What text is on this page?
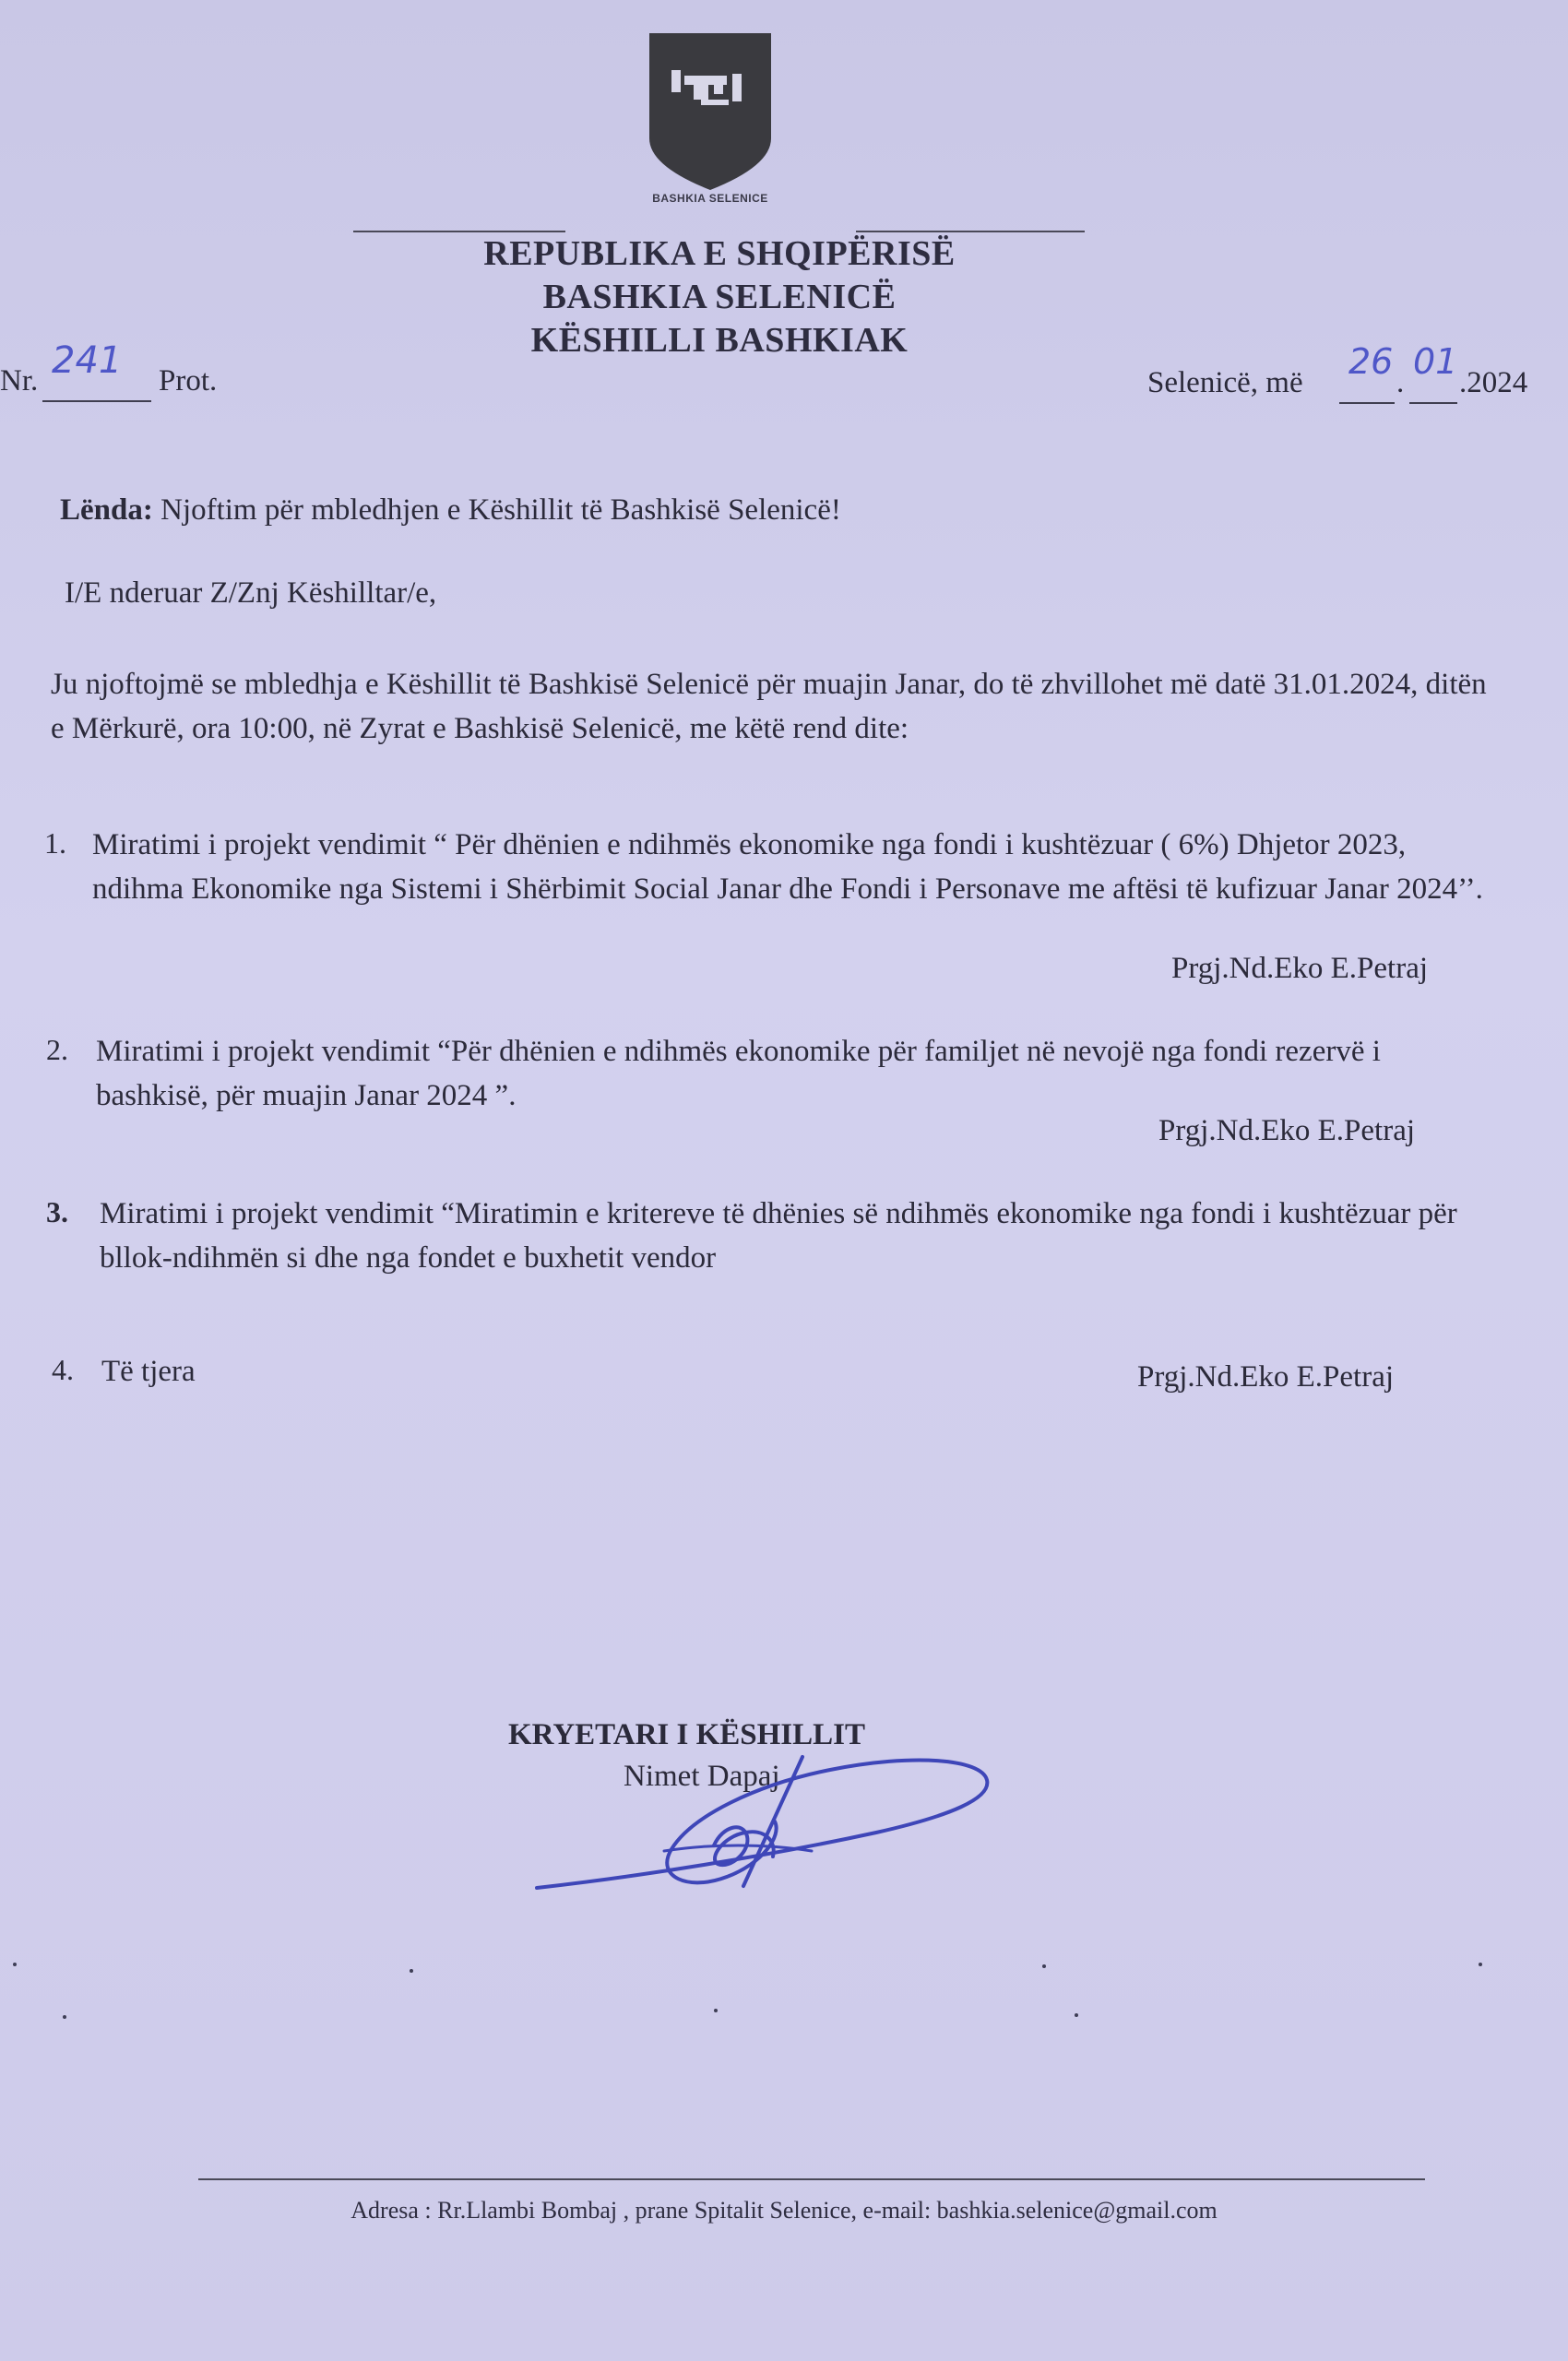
BASHKIA SELENICE
REPUBLIKA E SHQIPËRISË
BASHKIA SELENICË
KËSHILLI BASHKIAK
Nr. 241 Prot.	Selenicë, më
26
.
01
.2024
Lënda: Njoftim për mbledhjen e Këshillit të Bashkisë Selenicë!
I/E nderuar Z/Znj Këshilltar/e,
Ju njoftojmë se mbledhja e Këshillit të Bashkisë Selenicë për muajin Janar, do të zhvillohet më datë 31.01.2024, ditën e Mërkurë, ora 10:00, në Zyrat e Bashkisë Selenicë, me këtë rend dite:
1. Miratimi i projekt vendimit “ Për dhënien e ndihmës ekonomike nga fondi i kushtëzuar ( 6%) Dhjetor 2023, ndihma Ekonomike nga Sistemi i Shërbimit Social Janar dhe Fondi i Personave me aftësi të kufizuar Janar 2024’’.
Prgj.Nd.Eko E.Petraj
2. Miratimi i projekt vendimit “Për dhënien e ndihmës ekonomike për familjet në nevojë nga fondi rezervë i bashkisë, për muajin Janar 2024 ”.
Prgj.Nd.Eko E.Petraj
3. Miratimi i projekt vendimit “Miratimin e kritereve të dhënies së ndihmës ekonomike nga fondi i kushtëzuar për bllok-ndihmën si dhe nga fondet e buxhetit vendor
4. Të tjera	Prgj.Nd.Eko E.Petraj
KRYETARI I KËSHILLIT
Nimet Dapaj
Adresa : Rr.Llambi Bombaj , prane Spitalit Selenice, e-mail: bashkia.selenice@gmail.com
